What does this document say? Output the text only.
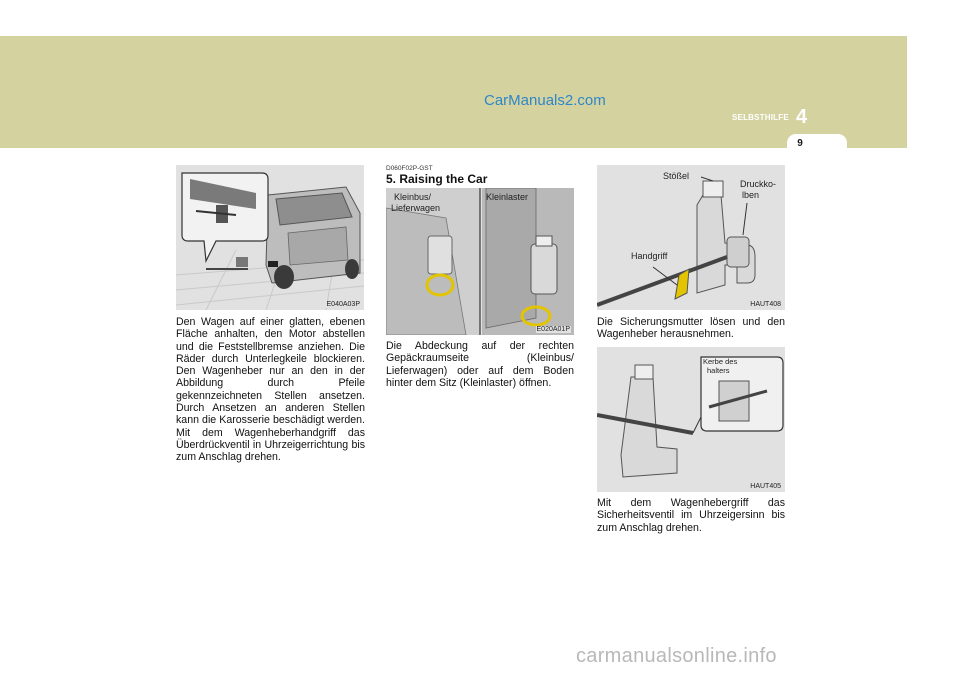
CarManuals2.com
SELBSTHILFE 4
9
E040A03P

Den Wagen auf einer glatten, ebenen Fläche anhalten, den Motor abstellen und die Feststellbremse anziehen. Die Räder durch Unterlegkeile blockieren. Den Wagenheber nur an den in der Abbildung durch Pfeile gekennzeichneten Stellen ansetzen. Durch Ansetzen an anderen Stellen kann die Karosserie beschädigt werden. Mit dem Wagenheberhandgriff das Überdrückventil in Uhrzeigerrichtung bis zum Anschlag drehen.

D060F02P-GST
5. Raising the Car
Kleinbus/
Lieferwagen
Kleinlaster
E020A01P

Die Abdeckung auf der rechten Gepäckraumseite (Kleinbus/ Lieferwagen) oder auf dem Boden hinter dem Sitz (Kleinlaster) öffnen.

Stößel
Druckko-
lben
Handgriff
HAUT408

Die Sicherungsmutter lösen und den Wagenheber herausnehmen.

Kerbe des
halters
HAUT405

Mit dem Wagenhebergriff das Sicherheitsventil im Uhrzeigersinn bis zum Anschlag drehen.

carmanualsonline.info
